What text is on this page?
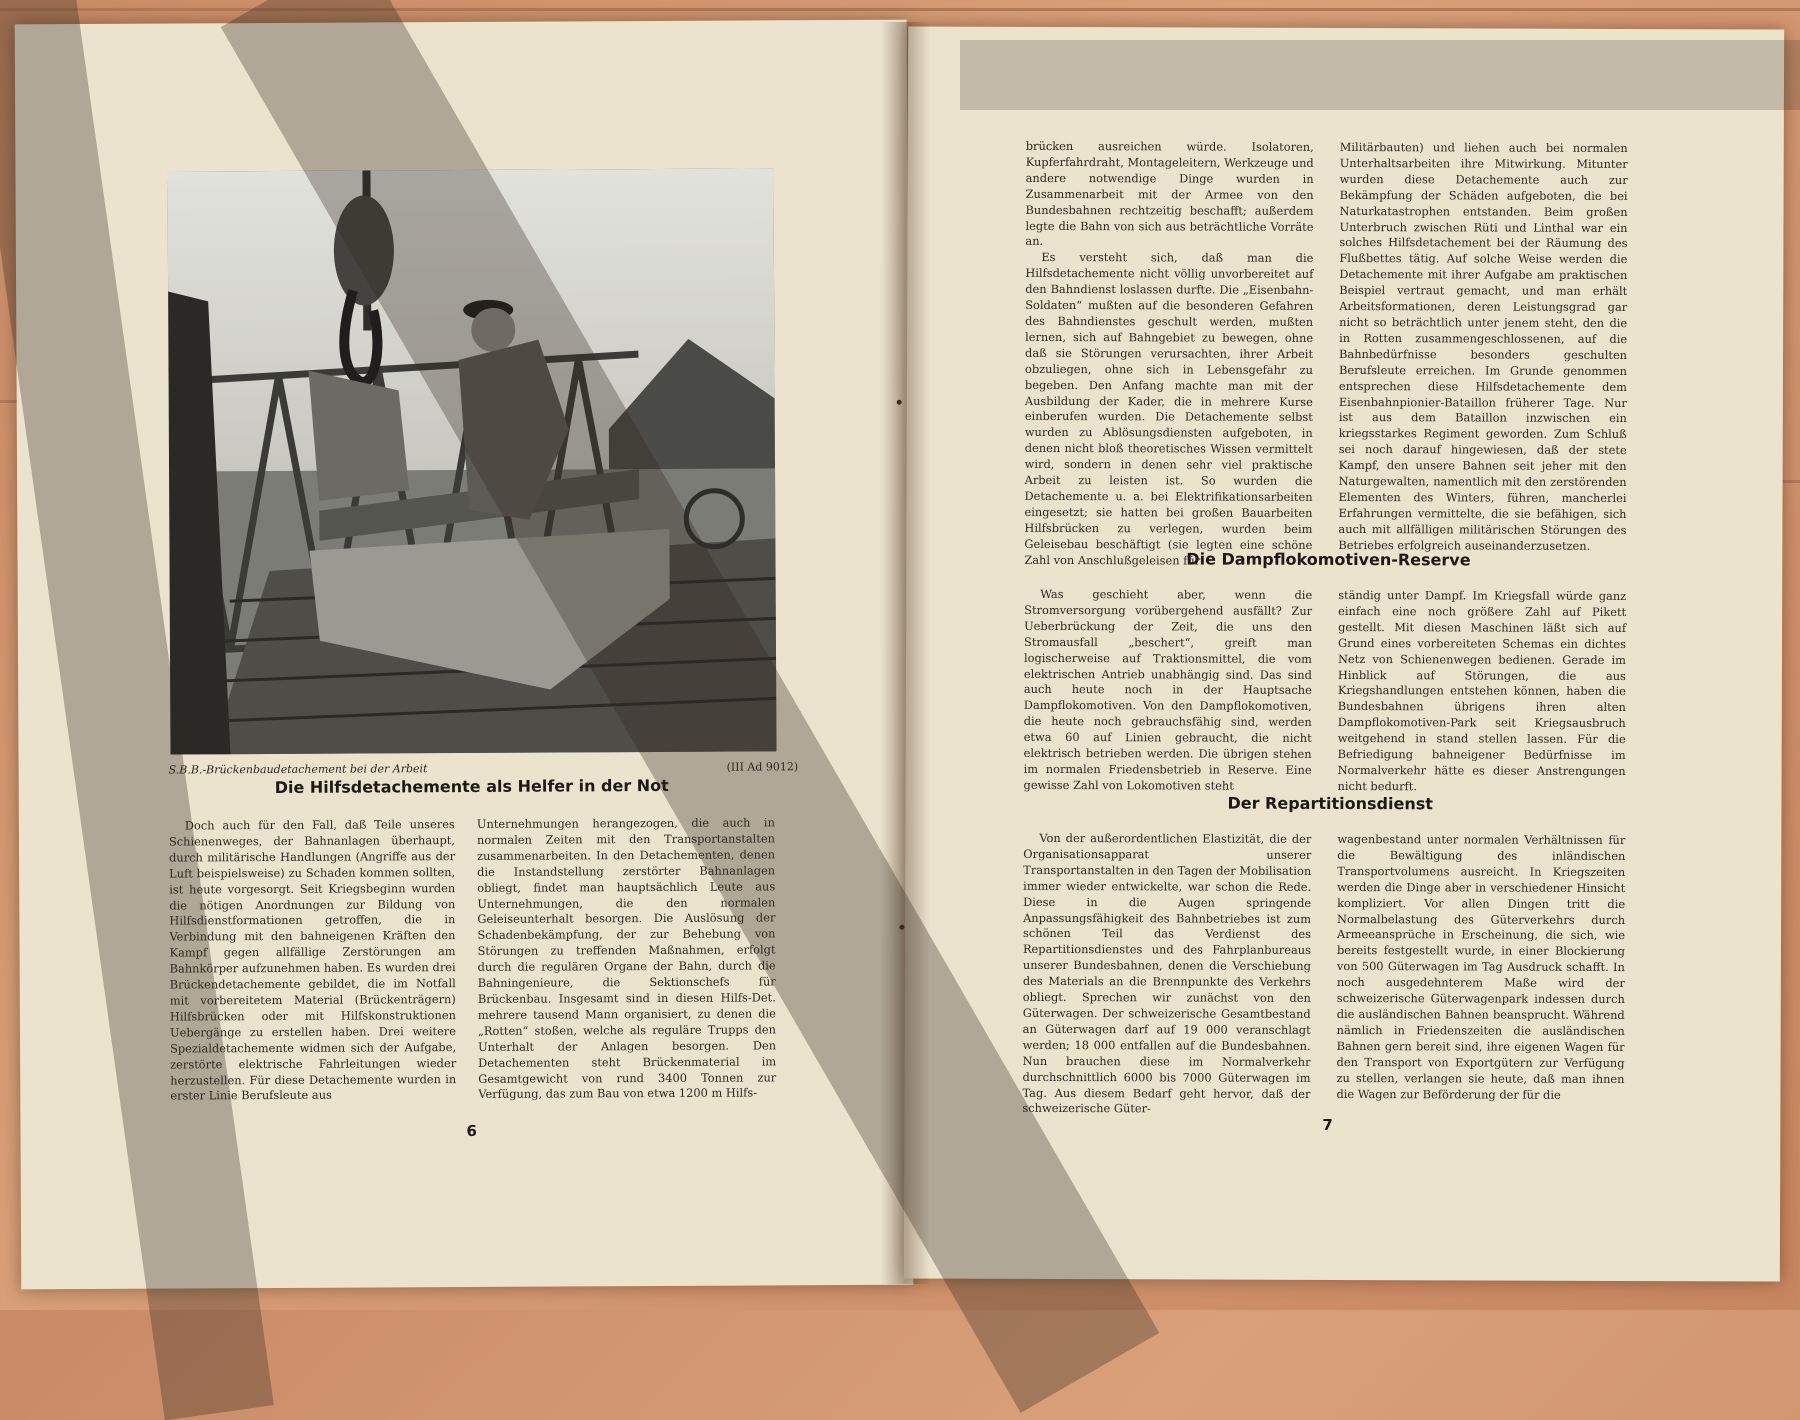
S.B.B.-Brückenbaudetachement bei der Arbeit	(III Ad 9012)
Die Hilfsdetachemente als Helfer in der Not

Doch auch für den Fall, daß Teile unseres Schienenweges, der Bahnanlagen überhaupt, durch militärische Handlungen (Angriffe aus der Luft beispielsweise) zu Schaden kommen sollten, ist heute vorgesorgt. Seit Kriegsbeginn wurden die nötigen Anordnungen zur Bildung von Hilfsdienstformationen getroffen, die in Verbindung mit den bahneigenen Kräften den Kampf gegen allfällige Zerstörungen am Bahnkörper aufzunehmen haben. Es wurden drei Brückendetachemente gebildet, die im Notfall mit vorbereitetem Material (Brückenträgern) Hilfsbrücken oder mit Hilfskonstruktionen Uebergänge zu erstellen haben. Drei weitere Spezialdetachemente widmen sich der Aufgabe, zerstörte elektrische Fahrleitungen wieder herzustellen. Für diese Detachemente wurden in erster Linie Berufsleute aus

Unternehmungen herangezogen, die auch in normalen Zeiten mit den Transportanstalten zusammenarbeiten. In den Detachementen, denen die Instandstellung zerstörter Bahnanlagen obliegt, findet man hauptsächlich Leute aus Unternehmungen, die den normalen Geleiseunterhalt besorgen. Die Auslösung der Schadenbekämpfung, der zur Behebung von Störungen zu treffenden Maßnahmen, erfolgt durch die regulären Organe der Bahn, durch die Bahningenieure, die Sektionschefs für Brückenbau. Insgesamt sind in diesen Hilfs-Det. mehrere tausend Mann organisiert, zu denen die „Rotten“ stoßen, welche als reguläre Trupps den Unterhalt der Anlagen besorgen. Den Detachementen steht Brückenmaterial im Gesamtgewicht von rund 3400 Tonnen zur Verfügung, das zum Bau von etwa 1200 m Hilfs-

6

brücken ausreichen würde. Isolatoren, Kupferfahrdraht, Montageleitern, Werkzeuge und andere notwendige Dinge wurden in Zusammenarbeit mit der Armee von den Bundesbahnen rechtzeitig beschafft; außerdem legte die Bahn von sich aus beträchtliche Vorräte an.

Es versteht sich, daß man die Hilfsdetachemente nicht völlig unvorbereitet auf den Bahndienst loslassen durfte. Die „Eisenbahn-Soldaten“ mußten auf die besonderen Gefahren des Bahndienstes geschult werden, mußten lernen, sich auf Bahngebiet zu bewegen, ohne daß sie Störungen verursachten, ihrer Arbeit obzuliegen, ohne sich in Lebensgefahr zu begeben. Den Anfang machte man mit der Ausbildung der Kader, die in mehrere Kurse einberufen wurden. Die Detachemente selbst wurden zu Ablösungsdiensten aufgeboten, in denen nicht bloß theoretisches Wissen vermittelt wird, sondern in denen sehr viel praktische Arbeit zu leisten ist. So wurden die Detachemente u. a. bei Elektrifikationsarbeiten eingesetzt; sie hatten bei großen Bauarbeiten Hilfsbrücken zu verlegen, wurden beim Geleisebau beschäftigt (sie legten eine schöne Zahl von Anschlußgeleisen für

Militärbauten) und liehen auch bei normalen Unterhaltsarbeiten ihre Mitwirkung. Mitunter wurden diese Detachemente auch zur Bekämpfung der Schäden aufgeboten, die bei Naturkatastrophen entstanden. Beim großen Unterbruch zwischen Rüti und Linthal war ein solches Hilfsdetachement bei der Räumung des Flußbettes tätig. Auf solche Weise werden die Detachemente mit ihrer Aufgabe am praktischen Beispiel vertraut gemacht, und man erhält Arbeitsformationen, deren Leistungsgrad gar nicht so beträchtlich unter jenem steht, den die in Rotten zusammengeschlossenen, auf die Bahnbedürfnisse besonders geschulten Berufsleute erreichen. Im Grunde genommen entsprechen diese Hilfsdetachemente dem Eisenbahnpionier-Bataillon früherer Tage. Nur ist aus dem Bataillon inzwischen ein kriegsstarkes Regiment geworden. Zum Schluß sei noch darauf hingewiesen, daß der stete Kampf, den unsere Bahnen seit jeher mit den Naturgewalten, namentlich mit den zerstörenden Elementen des Winters, führen, mancherlei Erfahrungen vermittelte, die sie befähigen, sich auch mit allfälligen militärischen Störungen des Betriebes erfolgreich auseinanderzusetzen.

Die Dampflokomotiven-Reserve

Was geschieht aber, wenn die Stromversorgung vorübergehend ausfällt? Zur Ueberbrückung der Zeit, die uns den Stromausfall „beschert“, greift man logischerweise auf Traktionsmittel, die vom elektrischen Antrieb unabhängig sind. Das sind auch heute noch in der Hauptsache Dampflokomotiven. Von den Dampflokomotiven, die heute noch gebrauchsfähig sind, werden etwa 60 auf Linien gebraucht, die nicht elektrisch betrieben werden. Die übrigen stehen im normalen Friedensbetrieb in Reserve. Eine gewisse Zahl von Lokomotiven steht

ständig unter Dampf. Im Kriegsfall würde ganz einfach eine noch größere Zahl auf Pikett gestellt. Mit diesen Maschinen läßt sich auf Grund eines vorbereiteten Schemas ein dichtes Netz von Schienenwegen bedienen. Gerade im Hinblick auf Störungen, die aus Kriegshandlungen entstehen können, haben die Bundesbahnen übrigens ihren alten Dampflokomotiven-Park seit Kriegsausbruch weitgehend in stand stellen lassen. Für die Befriedigung bahneigener Bedürfnisse im Normalverkehr hätte es dieser Anstrengungen nicht bedurft.

Der Repartitionsdienst

Von der außerordentlichen Elastizität, die der Organisationsapparat unserer Transportanstalten in den Tagen der Mobilisation immer wieder entwickelte, war schon die Rede. Diese in die Augen springende Anpassungsfähigkeit des Bahnbetriebes ist zum schönen Teil das Verdienst des Repartitionsdienstes und des Fahrplanbureaus unserer Bundesbahnen, denen die Verschiebung des Materials an die Brennpunkte des Verkehrs obliegt. Sprechen wir zunächst von den Güterwagen. Der schweizerische Gesamtbestand an Güterwagen darf auf 19 000 veranschlagt werden; 18 000 entfallen auf die Bundesbahnen. Nun brauchen diese im Normalverkehr durchschnittlich 6000 bis 7000 Güterwagen im Tag. Aus diesem Bedarf geht hervor, daß der schweizerische Güter-

wagenbestand unter normalen Verhältnissen für die Bewältigung des inländischen Transportvolumens ausreicht. In Kriegszeiten werden die Dinge aber in verschiedener Hinsicht kompliziert. Vor allen Dingen tritt die Normalbelastung des Güterverkehrs durch Armeeansprüche in Erscheinung, die sich, wie bereits festgestellt wurde, in einer Blockierung von 500 Güterwagen im Tag Ausdruck schafft. In noch ausgedehnterem Maße wird der schweizerische Güterwagenpark indessen durch die ausländischen Bahnen beansprucht. Während nämlich in Friedenszeiten die ausländischen Bahnen gern bereit sind, ihre eigenen Wagen für den Transport von Exportgütern zur Verfügung zu stellen, verlangen sie heute, daß man ihnen die Wagen zur Beförderung der für die

7
